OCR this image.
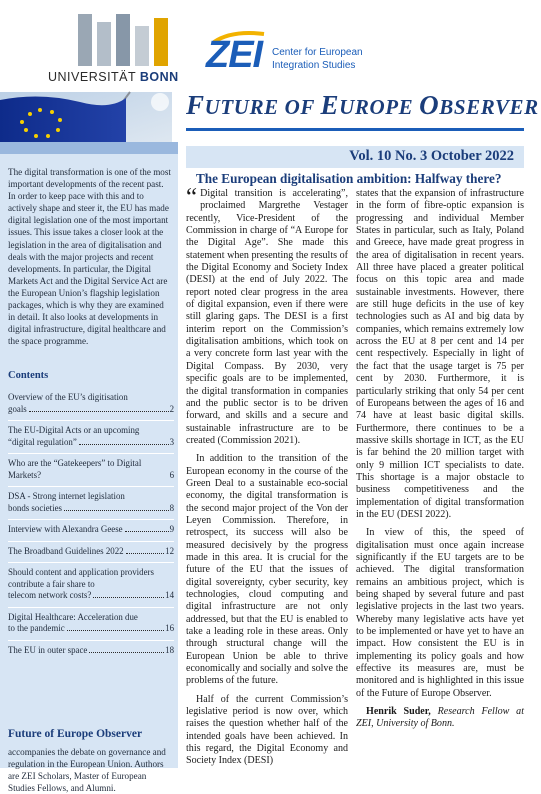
UNIVERSITÄT BONN
ZEI Center for European
Integration Studies
FUTURE OF EUROPE OBSERVER
The digital transformation is one of the most important developments of the recent past. In order to keep pace with this and to actively shape and steer it, the EU has made digital legislation one of the most important issues. This issue takes a closer look at the legislation in the area of digitalisation and deals with the major projects and recent developments. In particular, the Digital Markets Act and the Digital Service Act are the European Union’s flagship legislation packages, which is why they are examined in detail. It also looks at developments in digital infrastructure, digital healthcare and the space programme.
Contents
Overview of the EU’s digitisation
goals	2
The EU-Digital Acts or an upcoming
“digital regulation”	3
Who are the “Gatekeepers” to Digital
Markets?	6
DSA - Strong internet legislation
bonds societies	8
Interview with Alexandra Geese	9
The Broadband Guidelines 2022	12
Should content and application providers contribute a fair share to
telecom network costs?	14
Digital Healthcare: Acceleration due
to the pandemic	16
The EU in outer space	18
Future of Europe Observer
accompanies the debate on governance and regulation in the European Union. Authors are ZEI Scholars, Master of European Studies Fellows, and Alumni.
Vol. 10 No. 3 October 2022
The European digitalisation ambition: Halfway there?

“ Digital transition is accelerating”, proclaimed Margrethe Vestager recently, Vice-President of the Commission in charge of “A Europe for the Digital Age”. She made this statement when presenting the results of the Digital Economy and Society Index (DESI) at the end of July 2022. The report noted clear progress in the area of digital expansion, even if there were still glaring gaps. The DESI is a first interim report on the Commission’s digitalisation ambitions, which took on a very concrete form last year with the Digital Compass. By 2030, very specific goals are to be implemented, the digital transformation in companies and the public sector is to be driven forward, and skills and a secure and sustainable infrastructure are to be created (Commission 2021).

In addition to the transition of the European economy in the course of the Green Deal to a sustainable eco-social economy, the digital transformation is the second major project of the Von der Leyen Commission. Therefore, in retrospect, its success will also be measured decisively by the progress made in this area. It is crucial for the future of the EU that the issues of digital sovereignty, cyber security, key technologies, cloud computing and digital infrastructure are not only addressed, but that the EU is enabled to take a leading role in these areas. Only through structural change will the European Union be able to thrive economically and socially and solve the problems of the future.

Half of the current Commission’s legislative period is now over, which raises the question whether half of the intended goals have been achieved. In this regard, the Digital Economy and Society Index (DESI)

states that the expansion of infrastructure in the form of fibre-optic expansion is progressing and individual Member States in particular, such as Italy, Poland and Greece, have made great progress in the area of digitalisation in recent years. All three have placed a greater political focus on this topic area and made sustainable investments. However, there are still huge deficits in the use of key technologies such as AI and big data by companies, which remains extremely low across the EU at 8 per cent and 14 per cent respectively. Especially in light of the fact that the usage target is 75 per cent by 2030. Furthermore, it is particularly striking that only 54 per cent of Europeans between the ages of 16 and 74 have at least basic digital skills. Furthermore, there continues to be a massive skills shortage in ICT, as the EU is far behind the 20 million target with only 9 million ICT specialists to date. This shortage is a major obstacle to business competitiveness and the implementation of digital transformation in the EU (DESI 2022).

In view of this, the speed of digitalisation must once again increase significantly if the EU targets are to be achieved. The digital transformation remains an ambitious project, which is being shaped by several future and past legislative projects in the last two years. Whereby many legislative acts have yet to be implemented or have yet to have an impact. How consistent the EU is in implementing its policy goals and how effective its measures are, must be monitored and is highlighted in this issue of the Future of Europe Observer.

Henrik Suder, Research Fellow at ZEI, University of Bonn.
